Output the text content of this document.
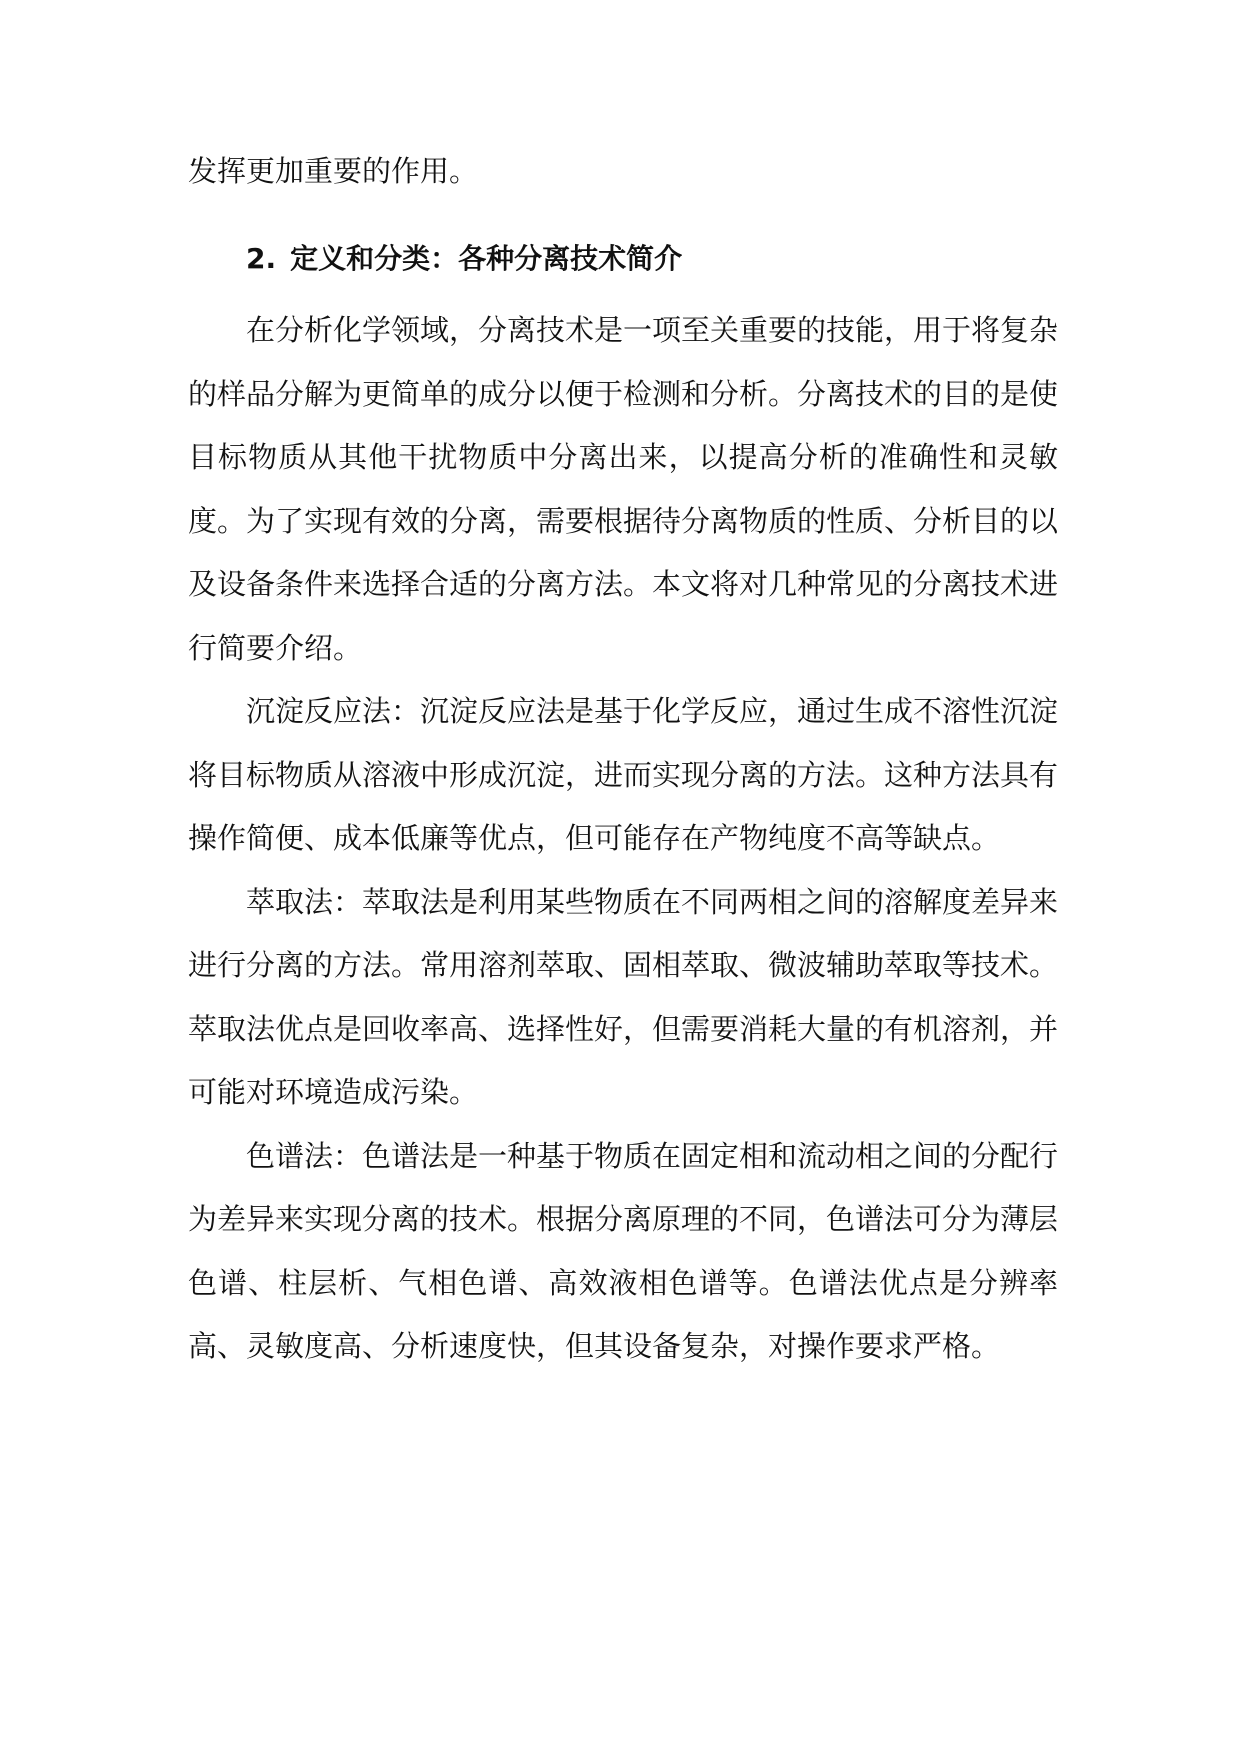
发挥更加重要的作用。

2. 定义和分类：各种分离技术简介

在分析化学领域，分离技术是一项至关重要的技能，用于将复杂的样品分解为更简单的成分以便于检测和分析。分离技术的目的是使目标物质从其他干扰物质中分离出来，以提高分析的准确性和灵敏度。为了实现有效的分离，需要根据待分离物质的性质、分析目的以及设备条件来选择合适的分离方法。本文将对几种常见的分离技术进行简要介绍。

沉淀反应法：沉淀反应法是基于化学反应，通过生成不溶性沉淀将目标物质从溶液中形成沉淀，进而实现分离的方法。这种方法具有操作简便、成本低廉等优点，但可能存在产物纯度不高等缺点。

萃取法：萃取法是利用某些物质在不同两相之间的溶解度差异来进行分离的方法。常用溶剂萃取、固相萃取、微波辅助萃取等技术。萃取法优点是回收率高、选择性好，但需要消耗大量的有机溶剂，并可能对环境造成污染。

色谱法：色谱法是一种基于物质在固定相和流动相之间的分配行为差异来实现分离的技术。根据分离原理的不同，色谱法可分为薄层色谱、柱层析、气相色谱、高效液相色谱等。色谱法优点是分辨率高、灵敏度高、分析速度快，但其设备复杂，对操作要求严格。
